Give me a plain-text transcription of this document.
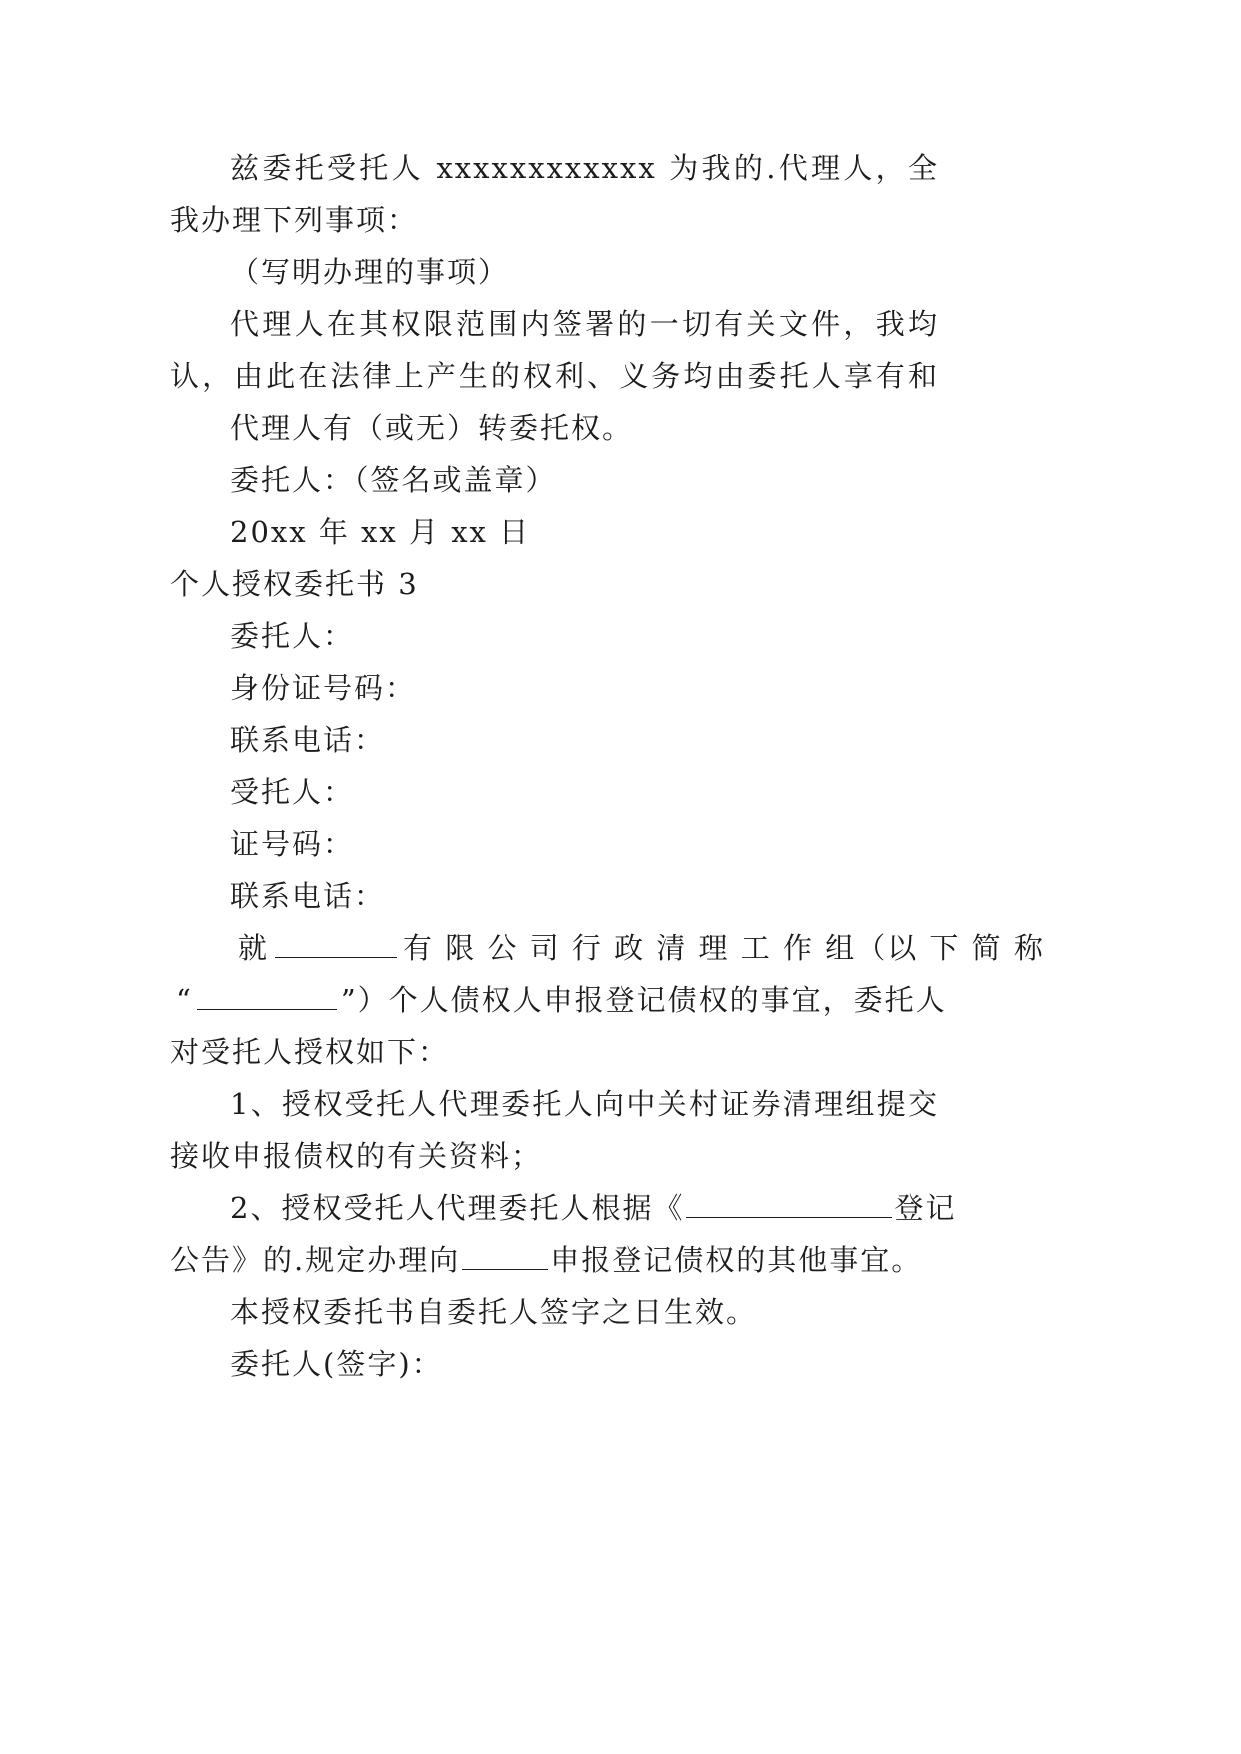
兹委托受托人 xxxxxxxxxxxx 为我的.代理人，全
我办理下列事项：
（写明办理的事项）
代理人在其权限范围内签署的一切有关文件，我均
认，由此在法律上产生的权利、义务均由委托人享有和
代理人有（或无）转委托权。
委托人：（签名或盖章）
20xx 年 xx 月 xx 日
个人授权委托书 3
委托人：
身份证号码：
联系电话：
受托人：
证号码：
联系电话：
就	有 限 公 司 行 政 清 理 工 作 组（以 下 简 称
“	”）个人债权人申报登记债权的事宜，委托人
对受托人授权如下：
1、授权受托人代理委托人向中关村证券清理组提交
接收申报债权的有关资料；
2、授权受托人代理委托人根据《	登记
公告》的.规定办理向	申报登记债权的其他事宜。
本授权委托书自委托人签字之日生效。
委托人(签字)：
